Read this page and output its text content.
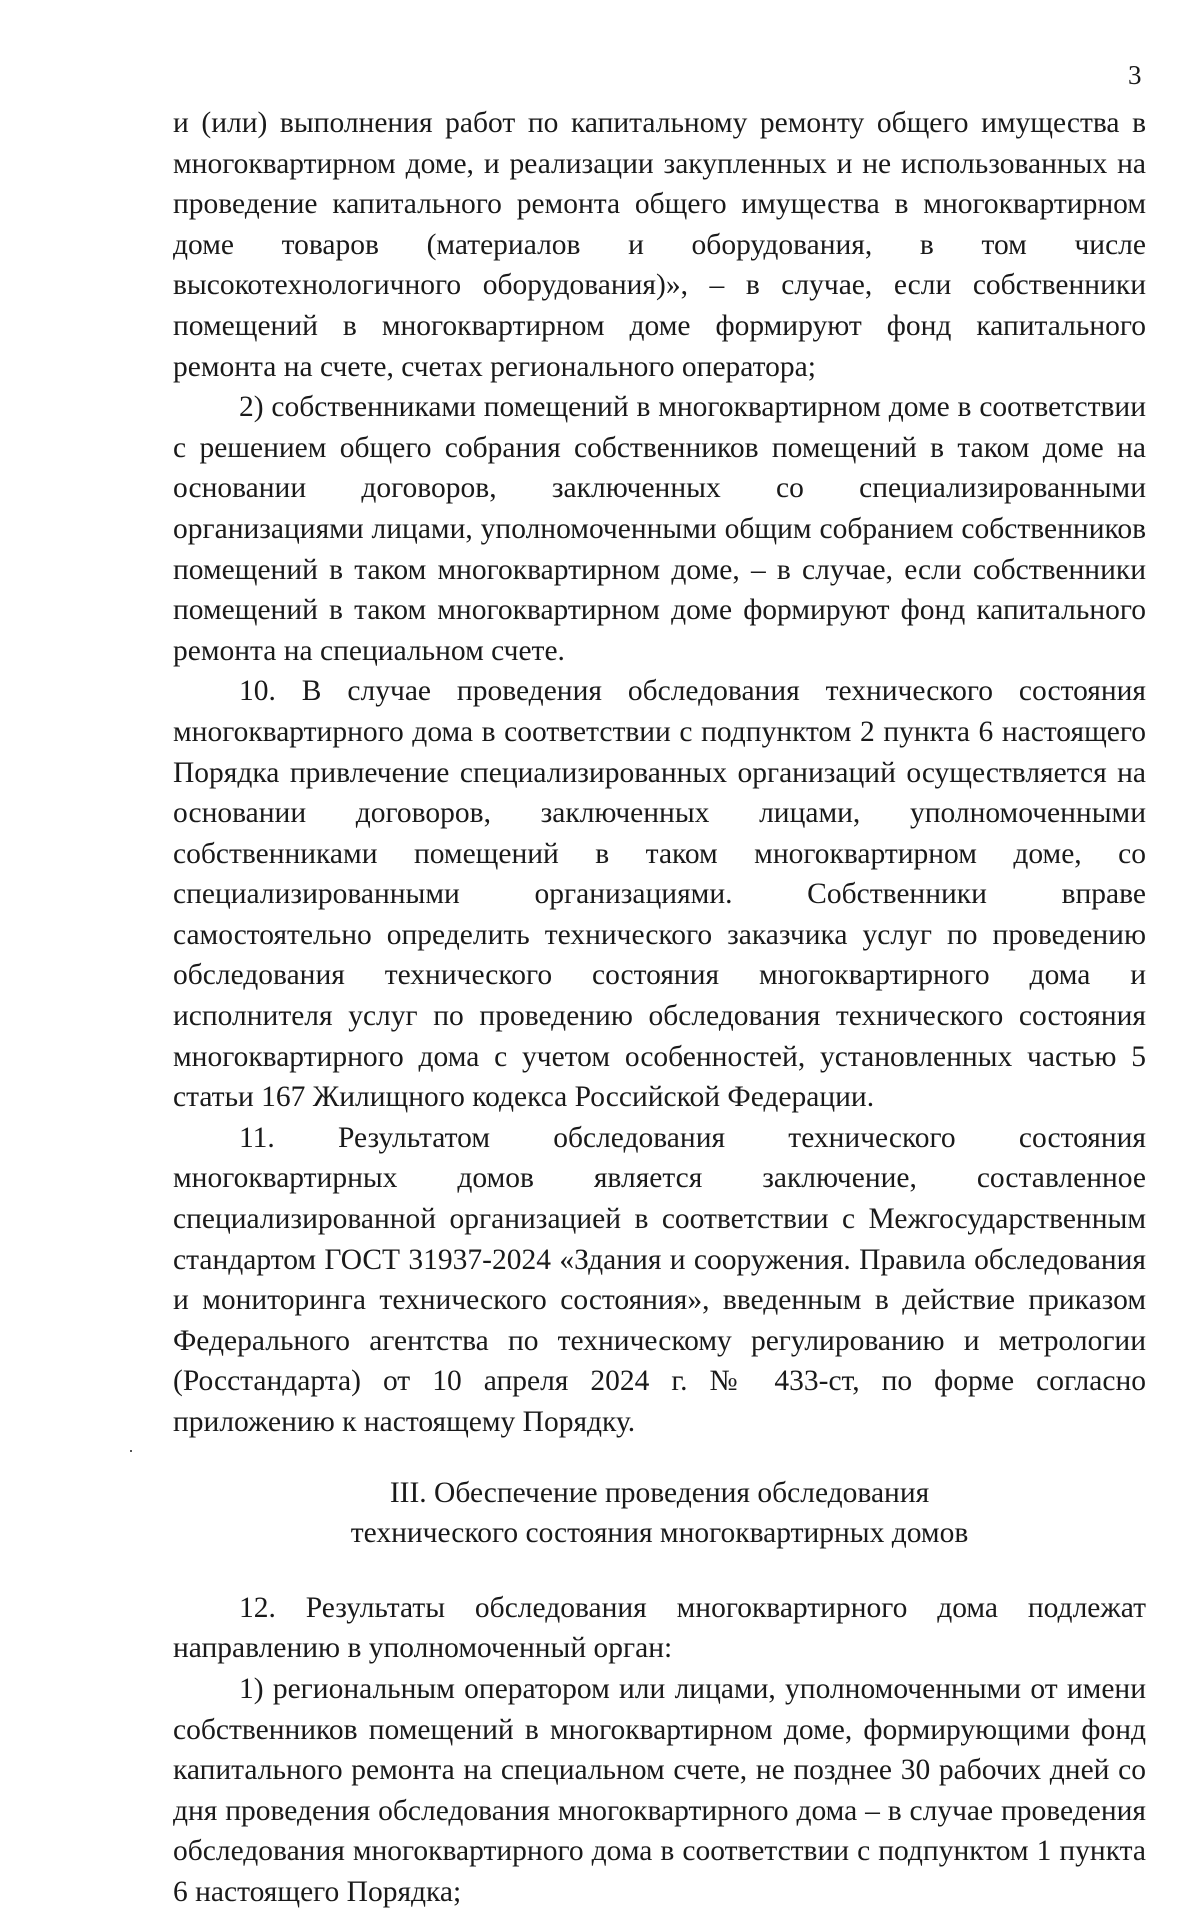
3

и (или) выполнения работ по капитальному ремонту общего имущества в многоквартирном доме, и реализации закупленных и не использованных на проведение капитального ремонта общего имущества в многоквартирном доме товаров (материалов и оборудования, в том числе высокотехнологичного оборудования)», – в случае, если собственники помещений в многоквартирном доме формируют фонд капитального ремонта на счете, счетах регионального оператора;

2) собственниками помещений в многоквартирном доме в соответствии с решением общего собрания собственников помещений в таком доме на основании договоров, заключенных со специализированными организациями лицами, уполномоченными общим собранием собственников помещений в таком многоквартирном доме, – в случае, если собственники помещений в таком многоквартирном доме формируют фонд капитального ремонта на специальном счете.

10. В случае проведения обследования технического состояния многоквартирного дома в соответствии с подпунктом 2 пункта 6 настоящего Порядка привлечение специализированных организаций осуществляется на основании договоров, заключенных лицами, уполномоченными собственниками помещений в таком многоквартирном доме, со специализированными организациями. Собственники вправе самостоятельно определить технического заказчика услуг по проведению обследования технического состояния многоквартирного дома и исполнителя услуг по проведению обследования технического состояния многоквартирного дома с учетом особенностей, установленных частью 5 статьи 167 Жилищного кодекса Российской Федерации.

11. Результатом обследования технического состояния многоквартирных домов является заключение, составленное специализированной организацией в соответствии с Межгосударственным стандартом ГОСТ 31937-2024 «Здания и сооружения. Правила обследования и мониторинга технического состояния», введенным в действие приказом Федерального агентства по техническому регулированию и метрологии (Росстандарта) от 10 апреля 2024 г. № 433-ст, по форме согласно приложению к настоящему Порядку.

III. Обеспечение проведения обследования
технического состояния многоквартирных домов

12. Результаты обследования многоквартирного дома подлежат направлению в уполномоченный орган:

1) региональным оператором или лицами, уполномоченными от имени собственников помещений в многоквартирном доме, формирующими фонд капитального ремонта на специальном счете, не позднее 30 рабочих дней со дня проведения обследования многоквартирного дома – в случае проведения обследования многоквартирного дома в соответствии с подпунктом 1 пункта 6 настоящего Порядка;
